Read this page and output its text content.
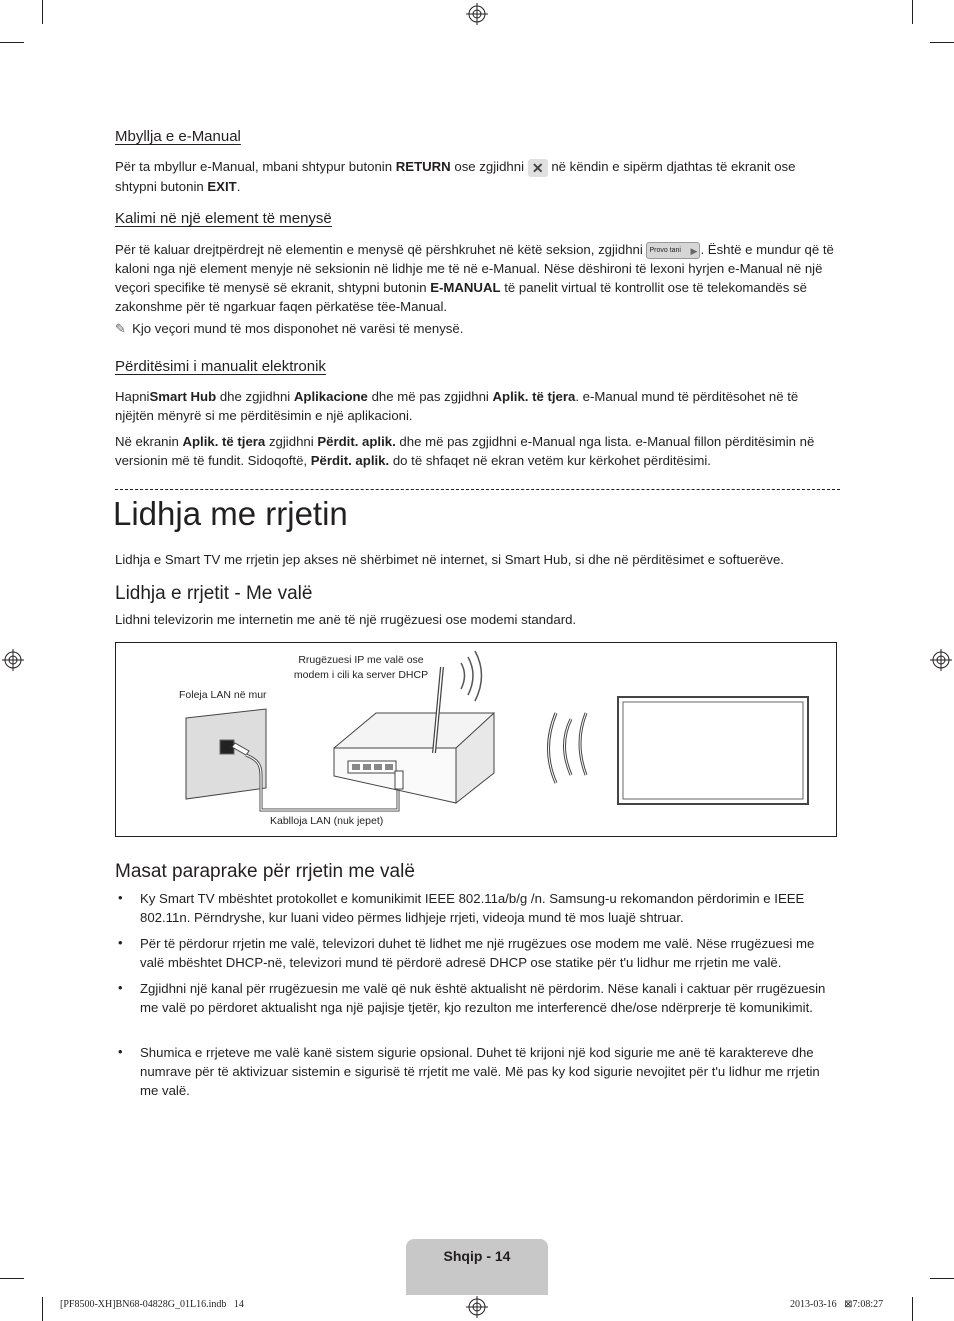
Mbyllja e e-Manual
Për ta mbyllur e-Manual, mbani shtypur butonin RETURN ose zgjidhni ✕ në këndin e sipërm djathtas të ekranit ose shtypni butonin EXIT.
Kalimi në një element të menysë
Për të kaluar drejtpërdrejt në elementin e menysë që përshkruhet në këtë seksion, zgjidhni Provo tani ▶ . Është e mundur që të kaloni nga një element menyje në seksionin në lidhje me të në e-Manual. Nëse dëshironi të lexoni hyrjen e-Manual në një veçori specifike të menysë së ekranit, shtypni butonin E-MANUAL të panelit virtual të kontrollit ose të telekomandës së zakonshme për të ngarkuar faqen përkatëse tëe-Manual.
✎ Kjo veçori mund të mos disponohet në varësi të menysë.
Përditësimi i manualit elektronik
HapniSmart Hub dhe zgjidhni Aplikacione dhe më pas zgjidhni Aplik. të tjera. e-Manual mund të përditësohet në të njëjtën mënyrë si me përditësimin e një aplikacioni.
Në ekranin Aplik. të tjera zgjidhni Përdit. aplik. dhe më pas zgjidhni e-Manual nga lista. e-Manual fillon përditësimin në versionin më të fundit. Sidoqoftë, Përdit. aplik. do të shfaqet në ekran vetëm kur kërkohet përditësimi.
Lidhja me rrjetin
Lidhja e Smart TV me rrjetin jep akses në shërbimet në internet, si Smart Hub, si dhe në përditësimet e softuerëve.
Lidhja e rrjetit - Me valë
Lidhni televizorin me internetin me anë të një rrugëzuesi ose modemi standard.
Rrugëzuesi IP me valë ose
modem i cili ka server DHCP
Foleja LAN në mur
Kablloja LAN (nuk jepet)
Masat paraprake për rrjetin me valë
• Ky Smart TV mbështet protokollet e komunikimit IEEE 802.11a/b/g /n. Samsung-u rekomandon përdorimin e IEEE 802.11n. Përndryshe, kur luani video përmes lidhjeje rrjeti, videoja mund të mos luajë shtruar.
• Për të përdorur rrjetin me valë, televizori duhet të lidhet me një rrugëzues ose modem me valë. Nëse rrugëzuesi me valë mbështet DHCP-në, televizori mund të përdorë adresë DHCP ose statike për t'u lidhur me rrjetin me valë.
• Zgjidhni një kanal për rrugëzuesin me valë që nuk është aktualisht në përdorim. Nëse kanali i caktuar për rrugëzuesin me valë po përdoret aktualisht nga një pajisje tjetër, kjo rezulton me interferencë dhe/ose ndërprerje të komunikimit.
• Shumica e rrjeteve me valë kanë sistem sigurie opsional. Duhet të krijoni një kod sigurie me anë të karaktereve dhe numrave për të aktivizuar sistemin e sigurisë të rrjetit me valë. Më pas ky kod sigurie nevojitet për t'u lidhur me rrjetin me valë.
Shqip - 14
[PF8500-XH]BN68-04828G_01L16.indb   14	2013-03-16   ⊠7:08:27
